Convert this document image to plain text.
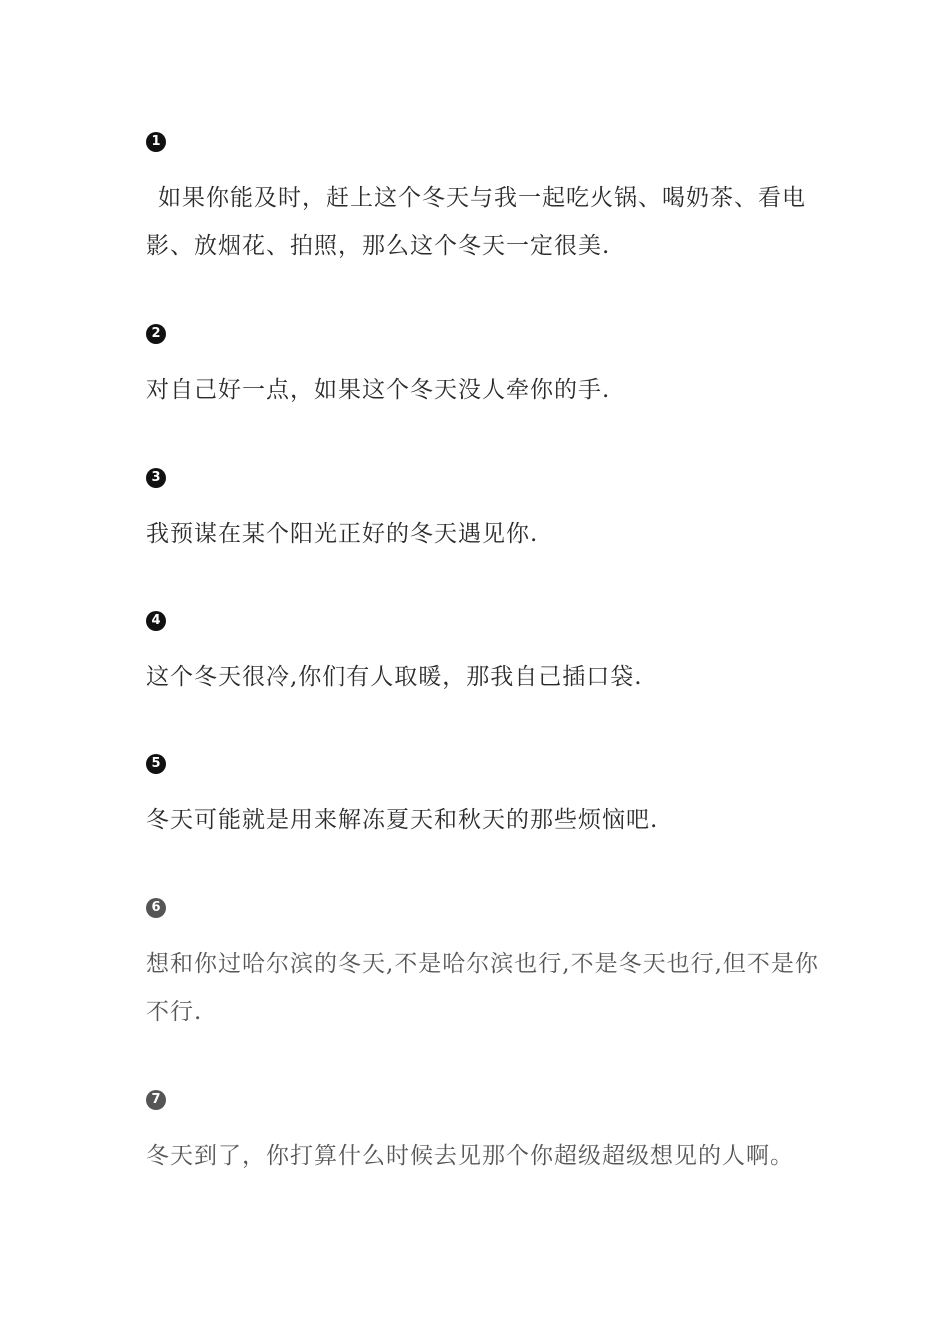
1
如果你能及时，赶上这个冬天与我一起吃火锅、喝奶茶、看电影、放烟花、拍照，那么这个冬天一定很美.
2
对自己好一点，如果这个冬天没人牵你的手.
3
我预谋在某个阳光正好的冬天遇见你.
4
这个冬天很冷,你们有人取暖，那我自己插口袋.
5
冬天可能就是用来解冻夏天和秋天的那些烦恼吧.
6
想和你过哈尔滨的冬天,不是哈尔滨也行,不是冬天也行,但不是你不行.
7
冬天到了，你打算什么时候去见那个你超级超级想见的人啊。
